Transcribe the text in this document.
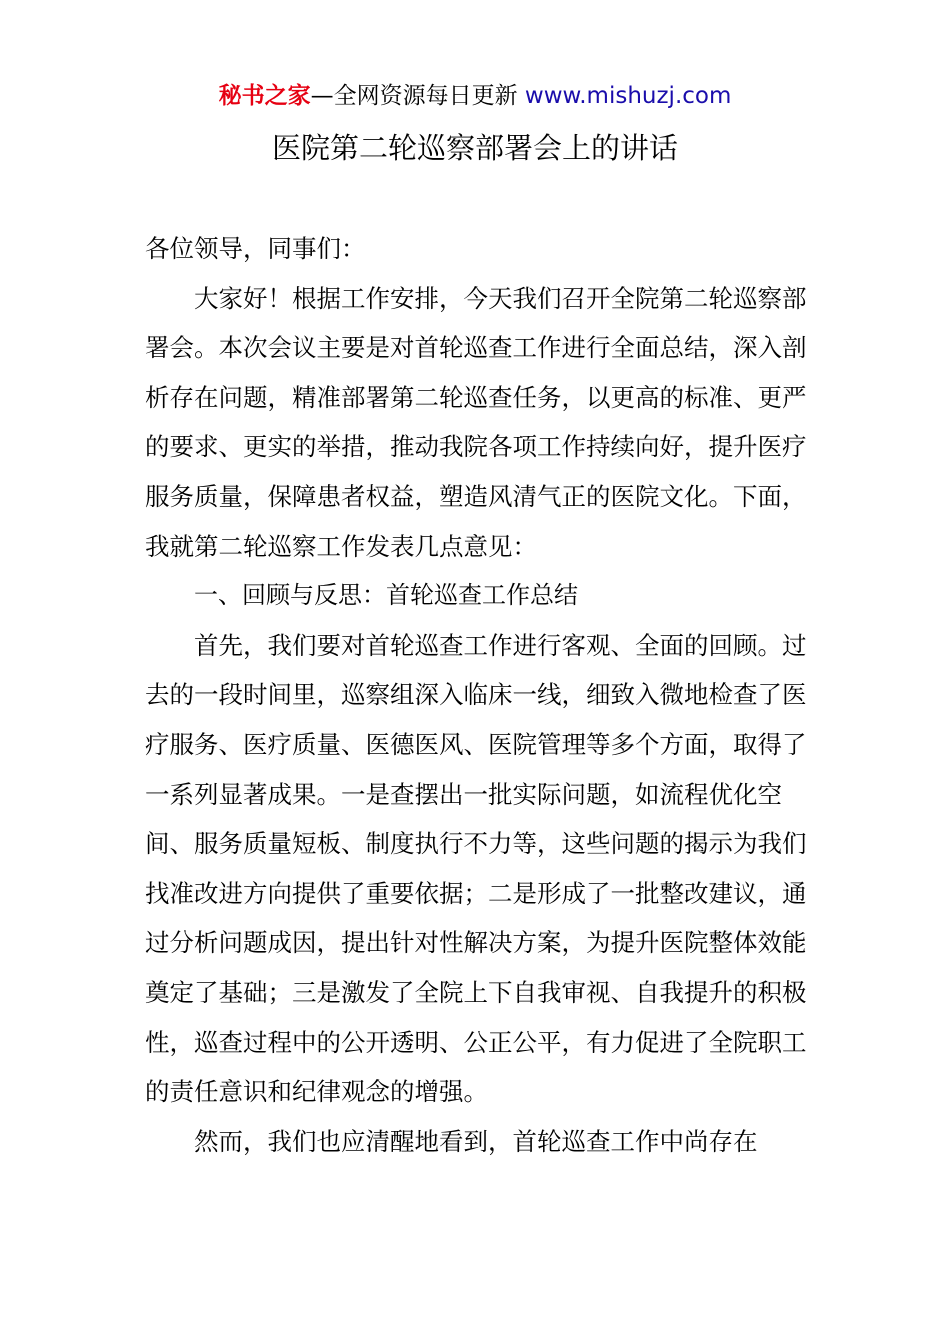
秘书之家—全网资源每日更新 www.mishuzj.com
医院第二轮巡察部署会上的讲话

各位领导，同事们：

大家好！根据工作安排，今天我们召开全院第二轮巡察部署会。本次会议主要是对首轮巡查工作进行全面总结，深入剖析存在问题，精准部署第二轮巡查任务，以更高的标准、更严的要求、更实的举措，推动我院各项工作持续向好，提升医疗服务质量，保障患者权益，塑造风清气正的医院文化。下面，我就第二轮巡察工作发表几点意见：

一、回顾与反思：首轮巡查工作总结

首先，我们要对首轮巡查工作进行客观、全面的回顾。过去的一段时间里，巡察组深入临床一线，细致入微地检查了医疗服务、医疗质量、医德医风、医院管理等多个方面，取得了一系列显著成果。一是查摆出一批实际问题，如流程优化空间、服务质量短板、制度执行不力等，这些问题的揭示为我们找准改进方向提供了重要依据；二是形成了一批整改建议，通过分析问题成因，提出针对性解决方案，为提升医院整体效能奠定了基础；三是激发了全院上下自我审视、自我提升的积极性，巡查过程中的公开透明、公正公平，有力促进了全院职工的责任意识和纪律观念的增强。

然而，我们也应清醒地看到，首轮巡查工作中尚存在
